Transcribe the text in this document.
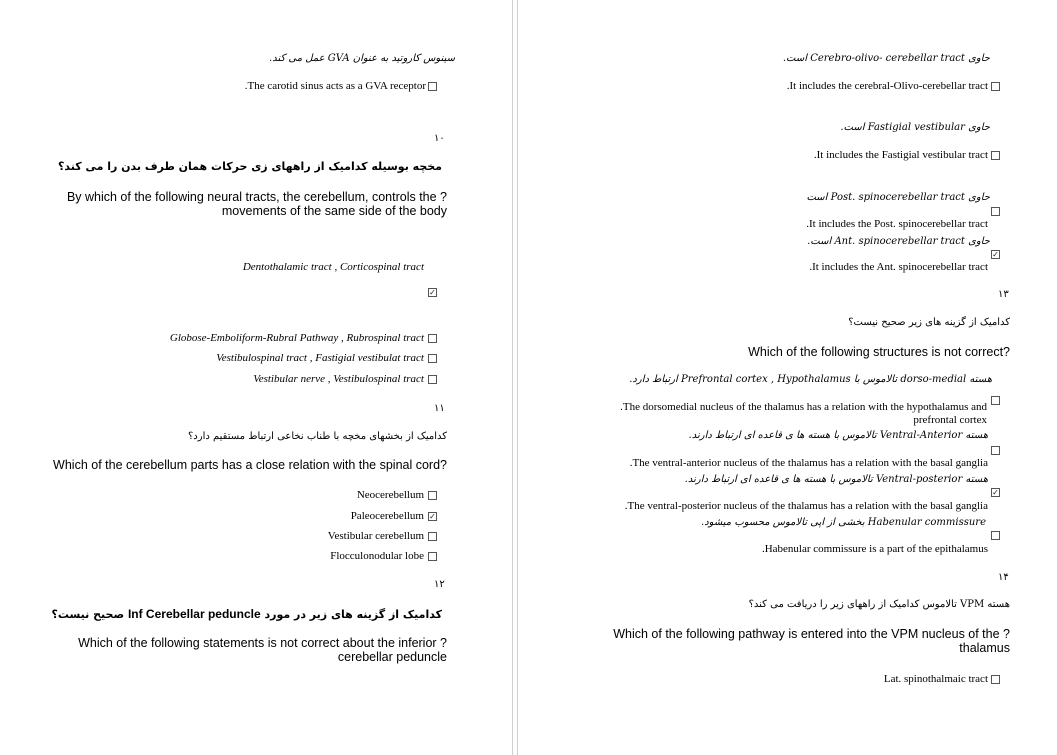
سینوس کاروتید به عنوان GVA عمل می کند.
.The carotid sinus acts as a GVA receptor
۱۰
مخچه بوسیله کدامیک از راههای زی حرکات همان طرف بدن را می کند؟
By which of the following neural tracts, the cerebellum, controls the ? movements of the same side of the body
Dentothalamic tract , Corticospinal tract
✓
Globose-Emboliform-Rubral Pathway , Rubrospinal tract
Vestibulospinal tract , Fastigial vestibulat tract
Vestibular nerve , Vestibulospinal tract
۱۱
کدامیک از بخشهای مخچه با طناب نخاعی ارتباط مستقیم دارد؟
Which of the cerebellum parts has a close relation with the spinal cord?
Neocerebellum
Paleocerebellum ✓
Vestibular cerebellum
Flocculonodular lobe
۱۲
کدامیک از گزینه های زیر در مورد Inf Cerebellar peduncle صحیح نیست؟
Which of the following statements is not correct about the inferior ? cerebellar peduncle
حاوی Cerebro-olivo- cerebellar tract است.
.It includes the cerebral-Olivo-cerebellar tract
حاوی Fastigial vestibular است.
.It includes the Fastigial vestibular tract
حاوی Post. spinocerebellar tract است
.It includes the Post. spinocerebellar tract
حاوی Ant. spinocerebellar tract است.
✓
.It includes the Ant. spinocerebellar tract
۱۳
کدامیک از گزینه های زیر صحیح نیست؟
Which of the following structures is not correct?
هسته dorso-medial تالاموس با Prefrontal cortex , Hypothalamus ارتباط دارد.
.The dorsomedial nucleus of the thalamus has a relation with the hypothalamus and prefrontal cortex
هسته Ventral-Anterior تالاموس با هسته ها ی قاعده ای ارتباط دارند.
.The ventral-anterior nucleus of the thalamus has a relation with the basal ganglia
هسته Ventral-posterior تالاموس با هسته ها ی قاعده ای ارتباط دارند.
✓
.The ventral-posterior nucleus of the thalamus has a relation with the basal ganglia
Habenular commissure بخشی از اپی تالاموس محسوب میشود.
.Habenular commissure is a part of the epithalamus
۱۴
هسته VPM تالاموس کدامیک از راههای زیر را دریافت می کند؟
Which of the following pathway is entered into the VPM nucleus of the ? thalamus
Lat. spinothalmaic tract
